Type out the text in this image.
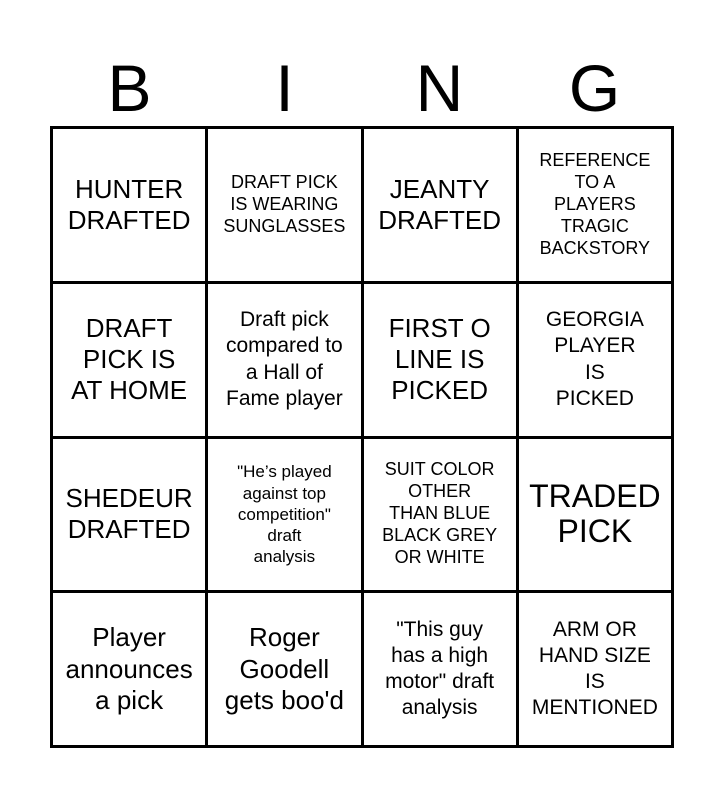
B	I	N	G
HUNTER
DRAFTED
DRAFT PICK
IS WEARING
SUNGLASSES
JEANTY
DRAFTED
REFERENCE
TO A
PLAYERS
TRAGIC
BACKSTORY
DRAFT
PICK IS
AT HOME
Draft pick
compared to
a Hall of
Fame player
FIRST O
LINE IS
PICKED
GEORGIA
PLAYER
IS
PICKED
SHEDEUR
DRAFTED
"He’s played
against top
competition"
draft
analysis
SUIT COLOR
OTHER
THAN BLUE
BLACK GREY
OR WHITE
TRADED
PICK
Player
announces
a pick
Roger
Goodell
gets boo'd
"This guy
has a high
motor" draft
analysis
ARM OR
HAND SIZE
IS
MENTIONED
